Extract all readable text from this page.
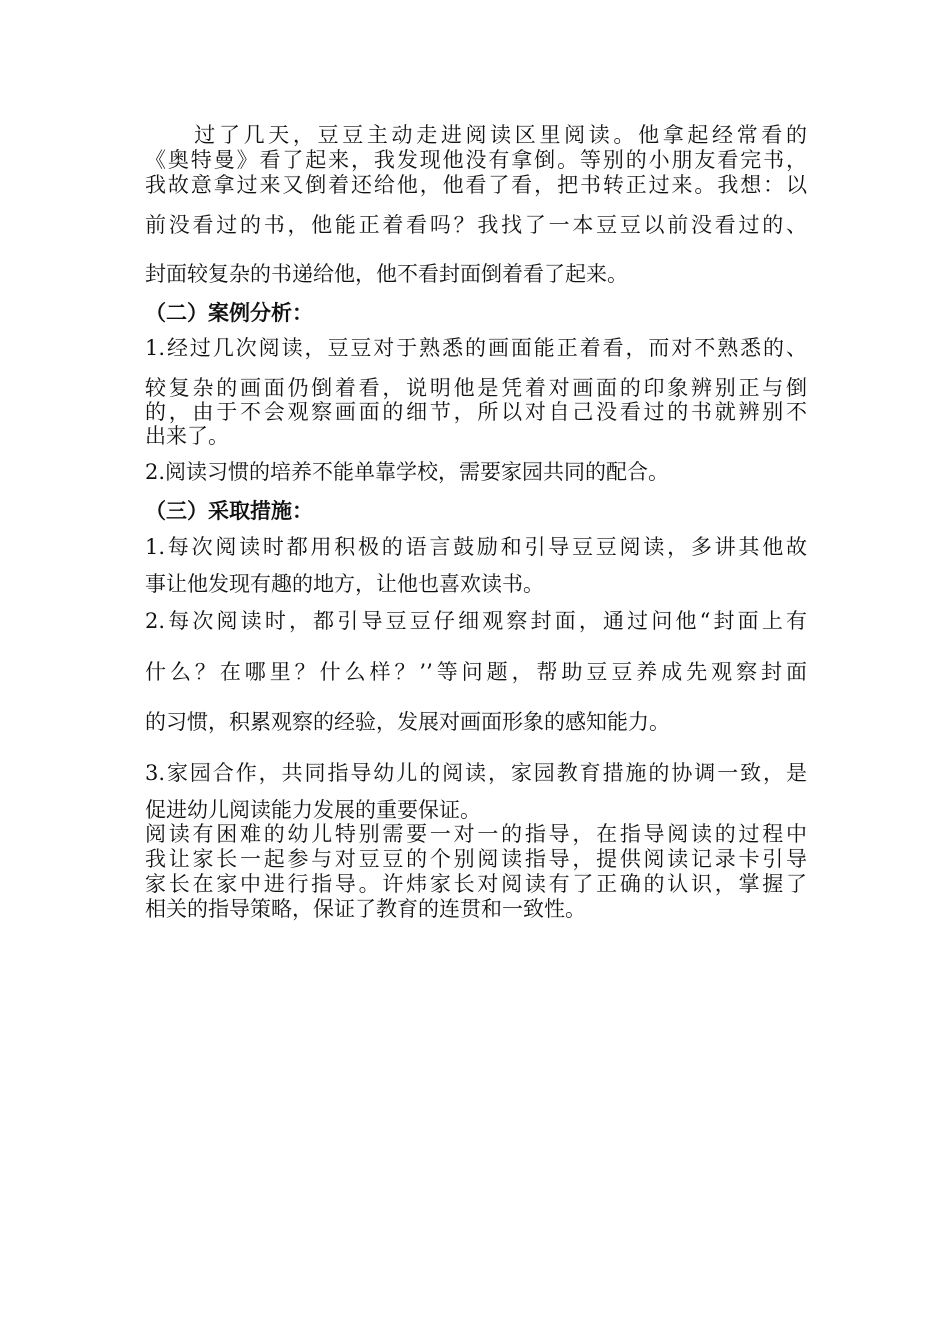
　　过了几天，豆豆主动走进阅读区里阅读。他拿起经常看的
《奥特曼》看了起来，我发现他没有拿倒。等别的小朋友看完书，
我故意拿过来又倒着还给他，他看了看，把书转正过来。我想：以
前没看过的书，他能正着看吗？我找了一本豆豆以前没看过的、
封面较复杂的书递给他，他不看封面倒着看了起来。
（二）案例分析：
1.经过几次阅读，豆豆对于熟悉的画面能正着看，而对不熟悉的、
较复杂的画面仍倒着看，说明他是凭着对画面的印象辨别正与倒
的，由于不会观察画面的细节，所以对自己没看过的书就辨别不
出来了。
2.阅读习惯的培养不能单靠学校，需要家园共同的配合。
（三）采取措施：
1.每次阅读时都用积极的语言鼓励和引导豆豆阅读，多讲其他故
事让他发现有趣的地方，让他也喜欢读书。
2.每次阅读时，都引导豆豆仔细观察封面，通过问他“封面上有
什么？在哪里？什么样？’’等问题，帮助豆豆养成先观察封面
的习惯，积累观察的经验，发展对画面形象的感知能力。
3.家园合作，共同指导幼儿的阅读，家园教育措施的协调一致，是
促进幼儿阅读能力发展的重要保证。
阅读有困难的幼儿特别需要一对一的指导，在指导阅读的过程中
我让家长一起参与对豆豆的个别阅读指导，提供阅读记录卡引导
家长在家中进行指导。许炜家长对阅读有了正确的认识，掌握了
相关的指导策略，保证了教育的连贯和一致性。
